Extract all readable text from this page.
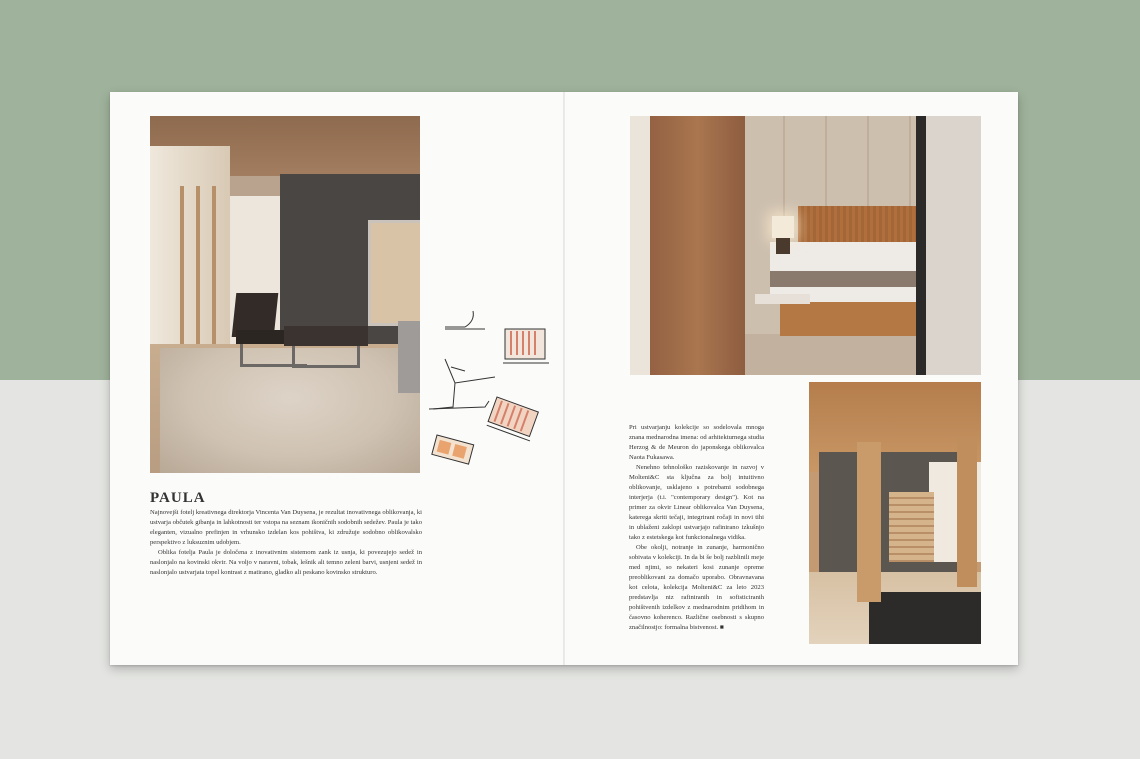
PAULA

Najnovejši fotelj kreativnega direktorja Vincenta Van Duysena, je rezultat inovativnega oblikovanja, ki ustvarja občutek gibanja in lahkotnosti ter vstopa na seznam ikoničnih sodobnih sedežev. Paula je tako eleganten, vizualno prefinjen in vrhunsko izdelan kos pohištva, ki združuje sodobno oblikovalsko perspektivo z luksuznim udobjem.

Oblika fotelja Paula je določena z inovativnim sistemom zank iz usnja, ki povezujejo sedež in naslonjalo na kovinski okvir. Na voljo v naravni, tobak, lešnik ali temno zeleni barvi, usnjeni sedež in naslonjalo ustvarjata topel kontrast z matirano, gladko ali peskano kovinsko strukturo.

Pri ustvarjanju kolekcije so sodelovala mnoga znana mednarodna imena: od arhitekturnega studia Herzog & de Meuron do japonskega oblikovalca Naota Fukasawa.

Nenehno tehnološko raziskovanje in razvoj v Molteni&C sta ključna za bolj intuitivno oblikovanje, usklajeno s potrebami sodobnega interjerja (t.i. "contemporary design"). Kot na primer za okvir Linear oblikovalca Van Duysena, katerega skriti tečaji, integrirani ročaji in novi tihi in ublaženi zaklopi ustvarjajo rafinirano izkušnjo tako z estetskega kot funkcionalnega vidika.

Obe okolji, notranje in zunanje, harmonično sobivata v kolekciji. In da bi še bolj razblinili meje med njimi, so nekateri kosi zunanje opreme preoblikovani za domačo uporabo. Obravnavana kot celota, kolekcija Molteni&C za leto 2023 predstavlja niz rafiniranih in sofisticiranih pohištvenih izdelkov z mednarodnim pridihom in časovno koherenco. Različne osebnosti s skupno značilnostjo: formalna bistvenost. ■
